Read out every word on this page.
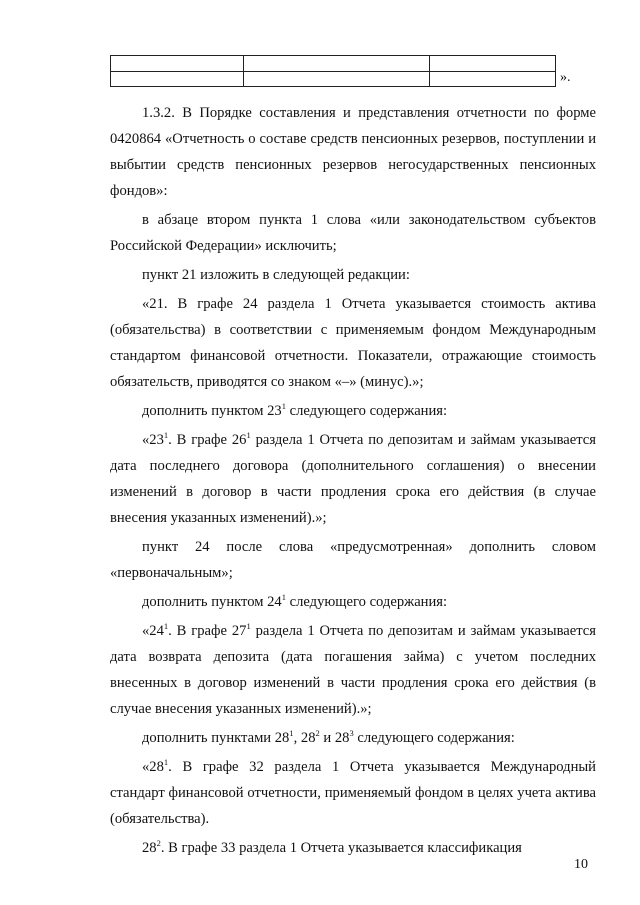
».

1.3.2. В Порядке составления и представления отчетности по форме 0420864 «Отчетность о составе средств пенсионных резервов, поступлении и выбытии средств пенсионных резервов негосударственных пенсионных фондов»:

в абзаце втором пункта 1 слова «или законодательством субъектов Российской Федерации» исключить;

пункт 21 изложить в следующей редакции:

«21. В графе 24 раздела 1 Отчета указывается стоимость актива (обязательства) в соответствии с применяемым фондом Международным стандартом финансовой отчетности. Показатели, отражающие стоимость обязательств, приводятся со знаком «–» (минус).»;

дополнить пунктом $23^1$ следующего содержания:

«$23^1$. В графе $26^1$ раздела 1 Отчета по депозитам и займам указывается дата последнего договора (дополнительного соглашения) о внесении изменений в договор в части продления срока его действия (в случае внесения указанных изменений).»;

пункт 24 после слова «предусмотренная» дополнить словом «первоначальным»;

дополнить пунктом $24^1$ следующего содержания:

«$24^1$. В графе $27^1$ раздела 1 Отчета по депозитам и займам указывается дата возврата депозита (дата погашения займа) с учетом последних внесенных в договор изменений в части продления срока его действия (в случае внесения указанных изменений).»;

дополнить пунктами $28^1$, $28^2$ и $28^3$ следующего содержания:

«$28^1$. В графе 32 раздела 1 Отчета указывается Международный стандарт финансовой отчетности, применяемый фондом в целях учета актива (обязательства).

$28^2$. В графе 33 раздела 1 Отчета указывается классификация

10
